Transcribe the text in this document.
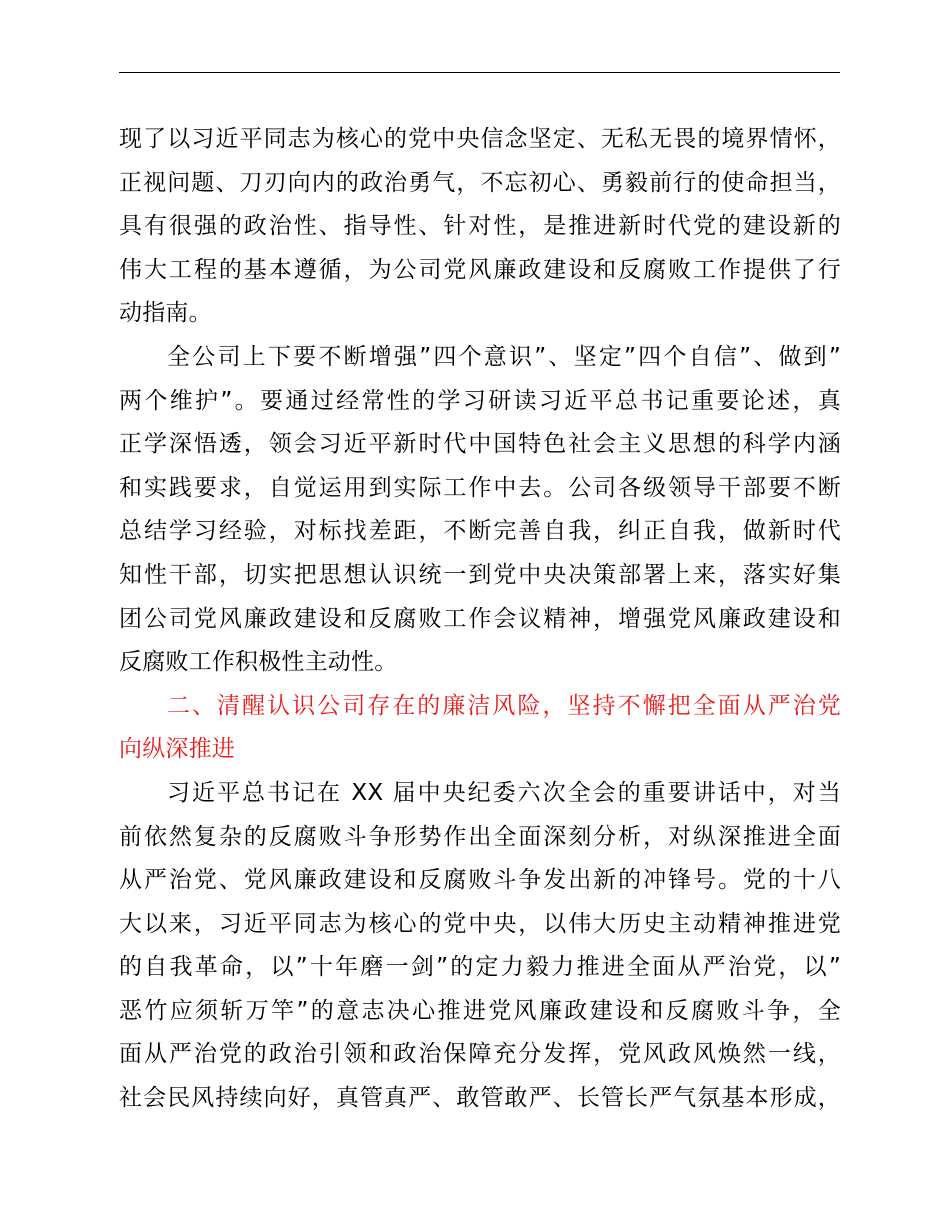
现了以习近平同志为核心的党中央信念坚定、无私无畏的境界情怀，
正视问题、刀刃向内的政治勇气，不忘初心、勇毅前行的使命担当，
具有很强的政治性、指导性、针对性，是推进新时代党的建设新的
伟大工程的基本遵循，为公司党风廉政建设和反腐败工作提供了行
动指南。
全公司上下要不断增强”四个意识”、坚定”四个自信”、做到”
两个维护”。要通过经常性的学习研读习近平总书记重要论述，真
正学深悟透，领会习近平新时代中国特色社会主义思想的科学内涵
和实践要求，自觉运用到实际工作中去。公司各级领导干部要不断
总结学习经验，对标找差距，不断完善自我，纠正自我，做新时代
知性干部，切实把思想认识统一到党中央决策部署上来，落实好集
团公司党风廉政建设和反腐败工作会议精神，增强党风廉政建设和
反腐败工作积极性主动性。
二、清醒认识公司存在的廉洁风险，坚持不懈把全面从严治党
向纵深推进
习近平总书记在 XX 届中央纪委六次全会的重要讲话中，对当
前依然复杂的反腐败斗争形势作出全面深刻分析，对纵深推进全面
从严治党、党风廉政建设和反腐败斗争发出新的冲锋号。党的十八
大以来，习近平同志为核心的党中央，以伟大历史主动精神推进党
的自我革命，以”十年磨一剑”的定力毅力推进全面从严治党，以”
恶竹应须斩万竿”的意志决心推进党风廉政建设和反腐败斗争，全
面从严治党的政治引领和政治保障充分发挥，党风政风焕然一线，
社会民风持续向好，真管真严、敢管敢严、长管长严气氛基本形成，
